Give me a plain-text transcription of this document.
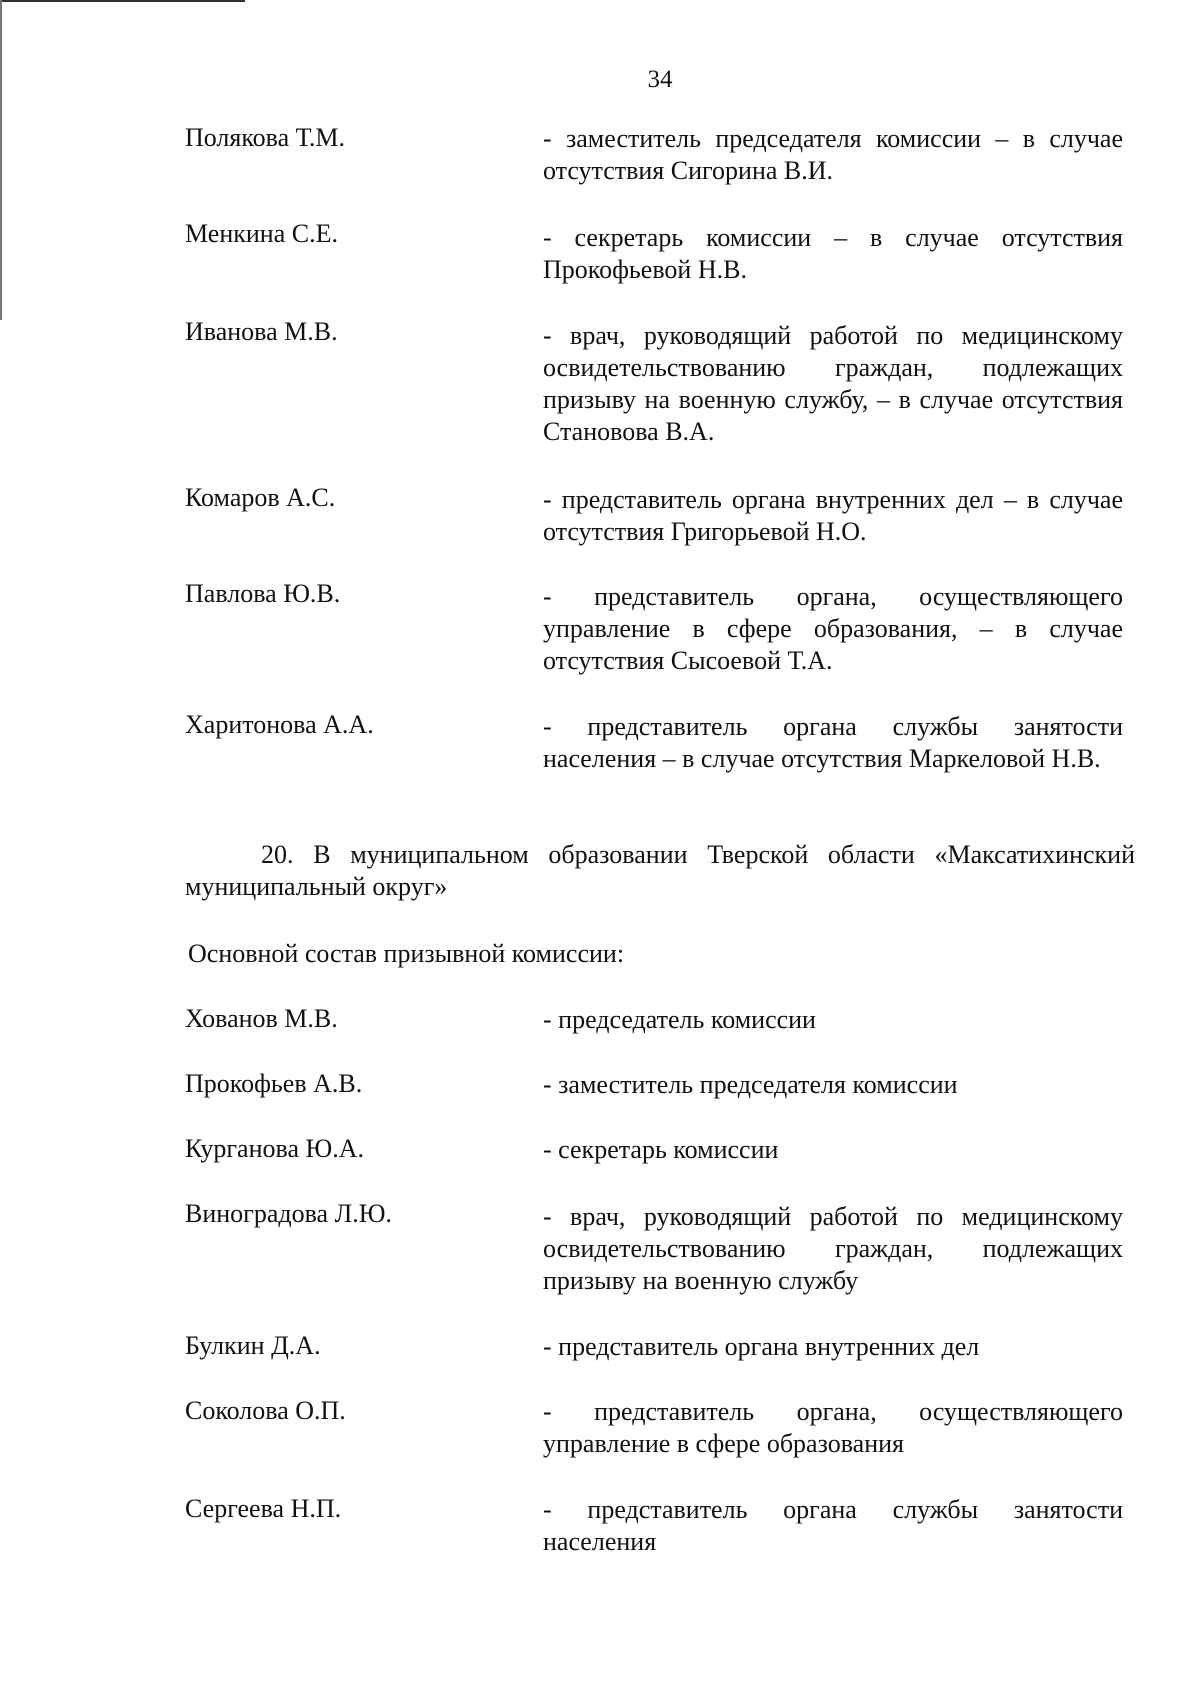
34
Полякова Т.М.	- заместитель председателя комиссии – в случае отсутствия Сигорина В.И.
Менкина С.Е.	- секретарь комиссии – в случае отсутствия Прокофьевой Н.В.
Иванова М.В.	- врач, руководящий работой по медицинскому освидетельствованию граждан, подлежащих призыву на военную службу, – в случае отсутствия Становова В.А.
Комаров А.С.	- представитель органа внутренних дел – в случае отсутствия Григорьевой Н.О.
Павлова Ю.В.	- представитель органа, осуществляющего управление в сфере образования, – в случае отсутствия Сысоевой Т.А.
Харитонова А.А.	- представитель органа службы занятости населения – в случае отсутствия Маркеловой Н.В.
20. В муниципальном образовании Тверской области «Максатихинский муниципальный округ»
Основной состав призывной комиссии:
Хованов М.В.	- председатель комиссии
Прокофьев А.В.	- заместитель председателя комиссии
Курганова Ю.А.	- секретарь комиссии
Виноградова Л.Ю.	- врач, руководящий работой по медицинскому освидетельствованию граждан, подлежащих призыву на военную службу
Булкин Д.А.	- представитель органа внутренних дел
Соколова О.П.	- представитель органа, осуществляющего управление в сфере образования
Сергеева Н.П.	- представитель органа службы занятости населения
